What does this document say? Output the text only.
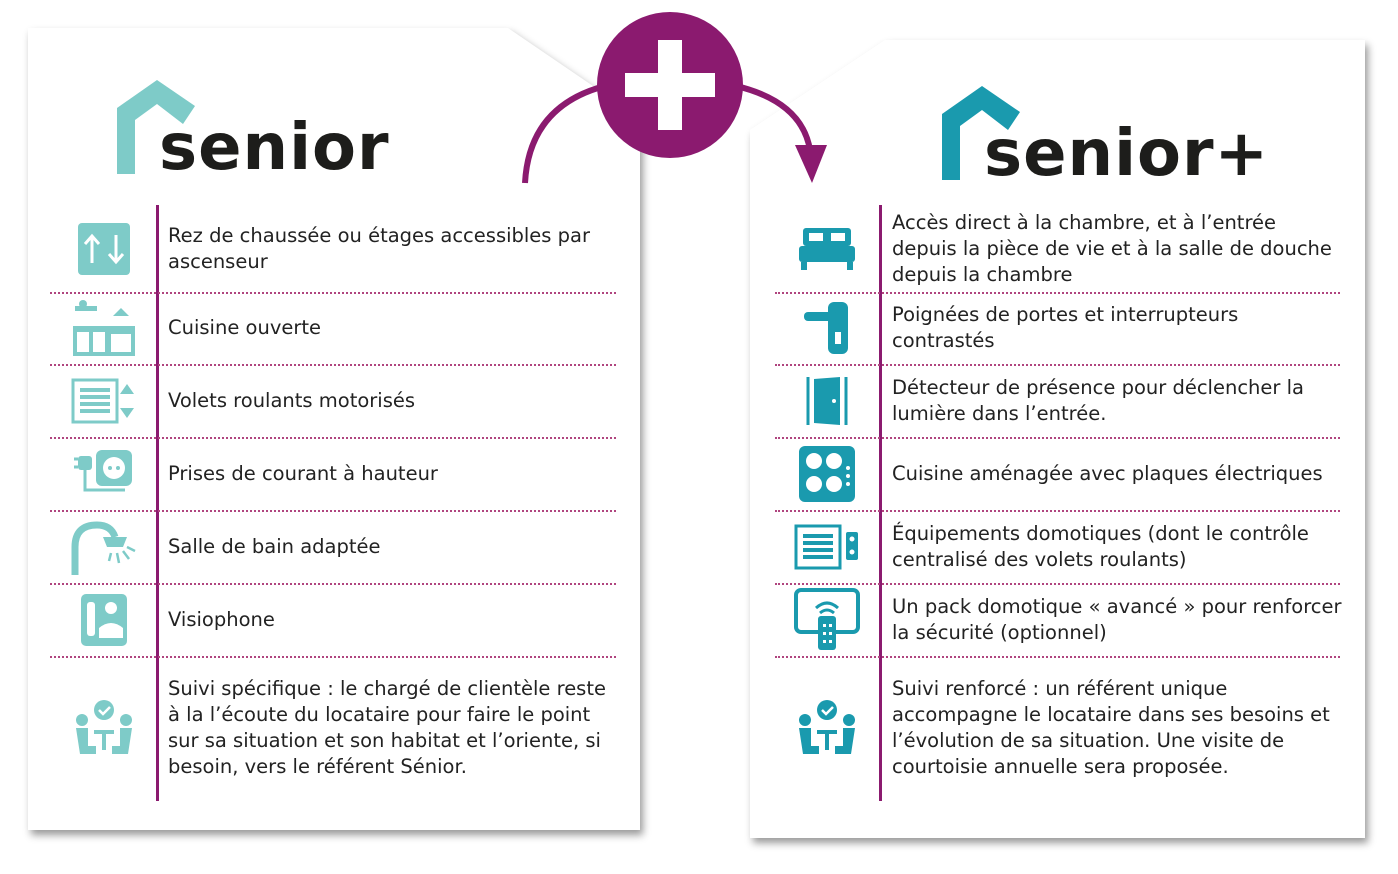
senior	senior+
Rez de chaussée ou étages accessibles par ascenseur
Cuisine ouverte
Volets roulants motorisés
Prises de courant à hauteur
Salle de bain adaptée
Visiophone
Suivi spécifique : le chargé de clientèle reste à la l’écoute du locataire pour faire le point sur sa situation et son habitat et l’oriente, si besoin, vers le référent Sénior.
Accès direct à la chambre, et à l’entrée depuis la pièce de vie et à la salle de douche depuis la chambre
Poignées de portes et interrupteurs contrastés
Détecteur de présence pour déclencher la lumière dans l’entrée.
Cuisine aménagée avec plaques électriques
Équipements domotiques (dont le contrôle centralisé des volets roulants)
Un pack domotique « avancé » pour renforcer la sécurité (optionnel)
Suivi renforcé : un référent unique accompagne le locataire dans ses besoins et l’évolution de sa situation. Une visite de courtoisie annuelle sera proposée.
